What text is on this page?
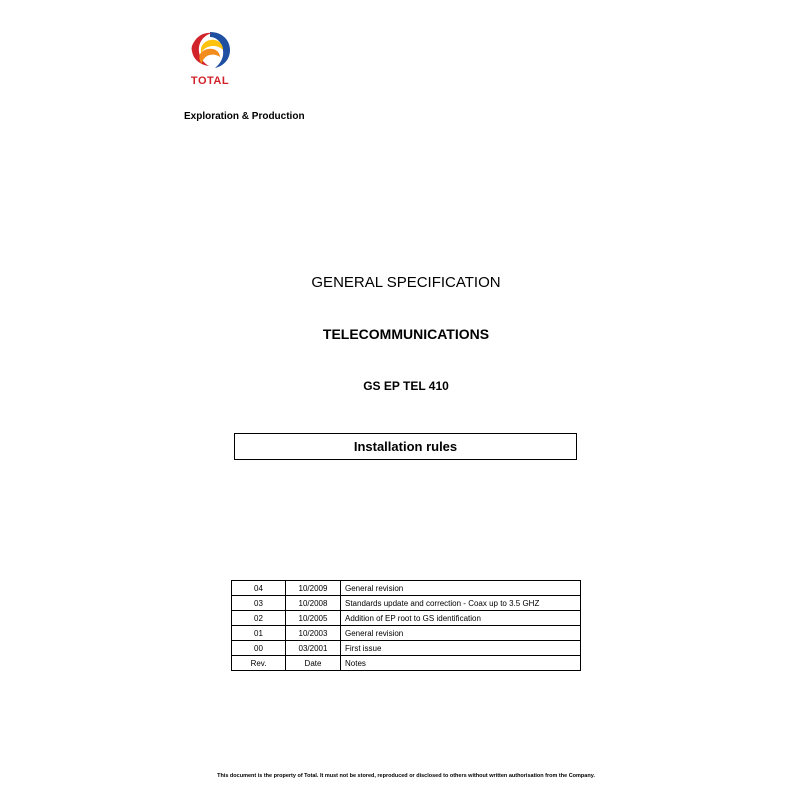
TOTAL
Exploration & Production
GENERAL SPECIFICATION
TELECOMMUNICATIONS
GS EP TEL 410
Installation rules
04	10/2009	General revision
03	10/2008	Standards update and correction - Coax up to 3.5 GHZ
02	10/2005	Addition of EP root to GS identification
01	10/2003	General revision
00	03/2001	First issue
Rev.	Date	Notes
This document is the property of Total. It must not be stored, reproduced or disclosed to others without written authorisation from the Company.
